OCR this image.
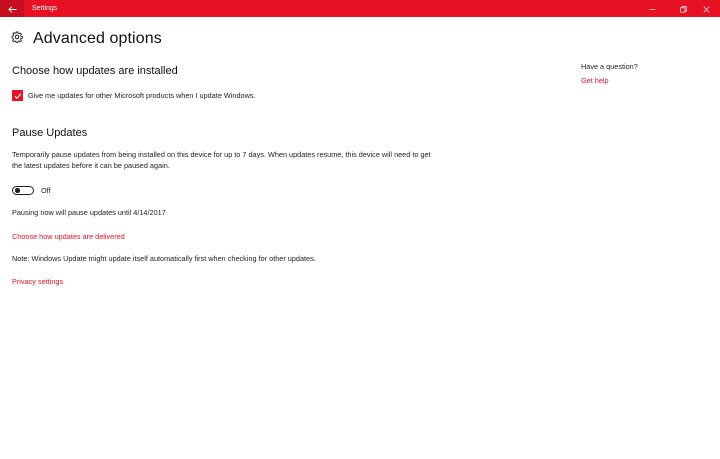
Settings
Advanced options
Choose how updates are installed
Give me updates for other Microsoft products when I update Windows.
Pause Updates
Temporarily pause updates from being installed on this device for up to 7 days. When updates resume, this device will need to get the latest updates before it can be paused again.
Off
Pausing now will pause updates until 4/14/2017
Choose how updates are delivered
Note: Windows Update might update itself automatically first when checking for other updates.
Privacy settings
Have a question?
Get help
